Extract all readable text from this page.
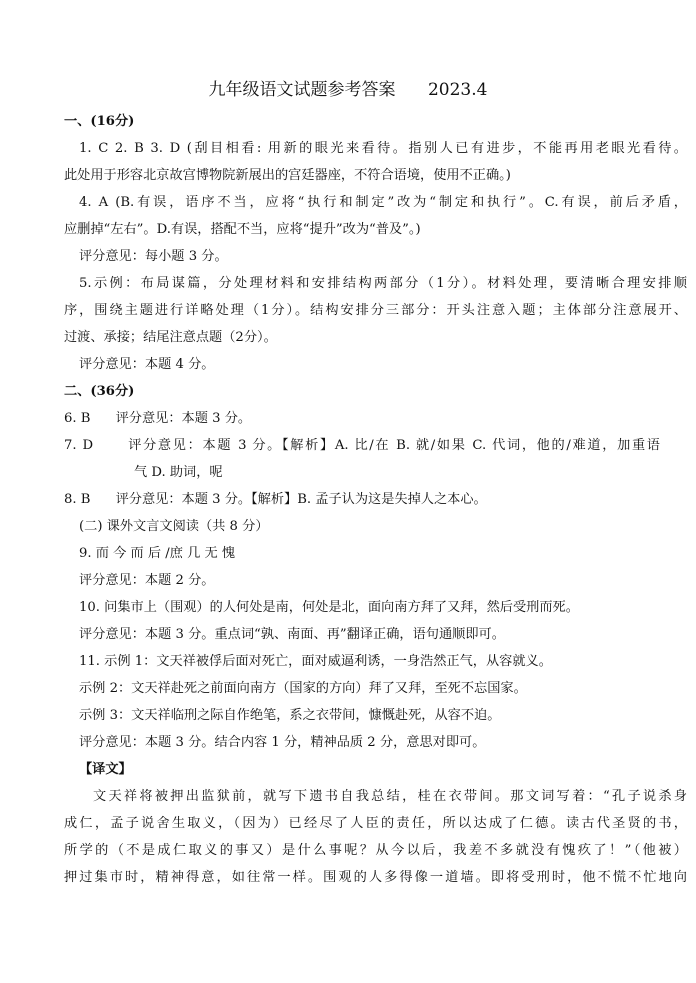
九年级语文试题参考答案      2023.4
一、(16分)
1. C 2. B 3. D (刮目相看: 用新的眼光来看待。指别人已有进步，不能再用老眼光看待。
此处用于形容北京故宫博物院新展出的宫廷器座，不符合语境，使用不正确。)
4. A (B.有误，语序不当，应将“执行和制定”改为“制定和执行”。C.有误，前后矛盾，
应删掉“左右”。D.有误，搭配不当，应将“提升”改为“普及”。)
评分意见：每小题 3 分。
5.示例：布局谋篇，分处理材料和安排结构两部分（1分）。材料处理，要清晰合理安排顺
序，围绕主题进行详略处理（1分）。结构安排分三部分：开头注意入题；主体部分注意展开、
过渡、承接；结尾注意点题（2分）。
评分意见：本题 4 分。
二、(36分)
6. B      评分意见：本题 3 分。
7. D      评分意见：本题 3 分。【解析】A. 比/在 B. 就/如果 C. 代词，他的/难道，加重语
气 D. 助词，呢
8. B      评分意见：本题 3 分。【解析】B. 孟子认为这是失掉人之本心。
(二) 课外文言文阅读（共 8 分）
9. 而 今 而 后 /庶 几 无 愧
评分意见：本题 2 分。
10. 问集市上（围观）的人何处是南，何处是北，面向南方拜了又拜，然后受刑而死。
评分意见：本题 3 分。重点词“孰、南面、再”翻译正确，语句通顺即可。
11. 示例 1：文天祥被俘后面对死亡，面对威逼利诱，一身浩然正气，从容就义。
示例 2：文天祥赴死之前面向南方（国家的方向）拜了又拜，至死不忘国家。
示例 3：文天祥临刑之际自作绝笔，系之衣带间，慷慨赴死，从容不迫。
评分意见：本题 3 分。结合内容 1 分，精神品质 2 分，意思对即可。
【译文】
文天祥将被押出监狱前，就写下遗书自我总结，桂在衣带间。那文词写着：“孔子说杀身
成仁，孟子说舍生取义，（因为）已经尽了人臣的责任，所以达成了仁德。读古代圣贤的书，
所学的（不是成仁取义的事又）是什么事呢？从今以后，我差不多就没有愧疚了！”（他被）
押过集市时，精神得意，如往常一样。围观的人多得像一道墙。即将受刑时，他不慌不忙地向
